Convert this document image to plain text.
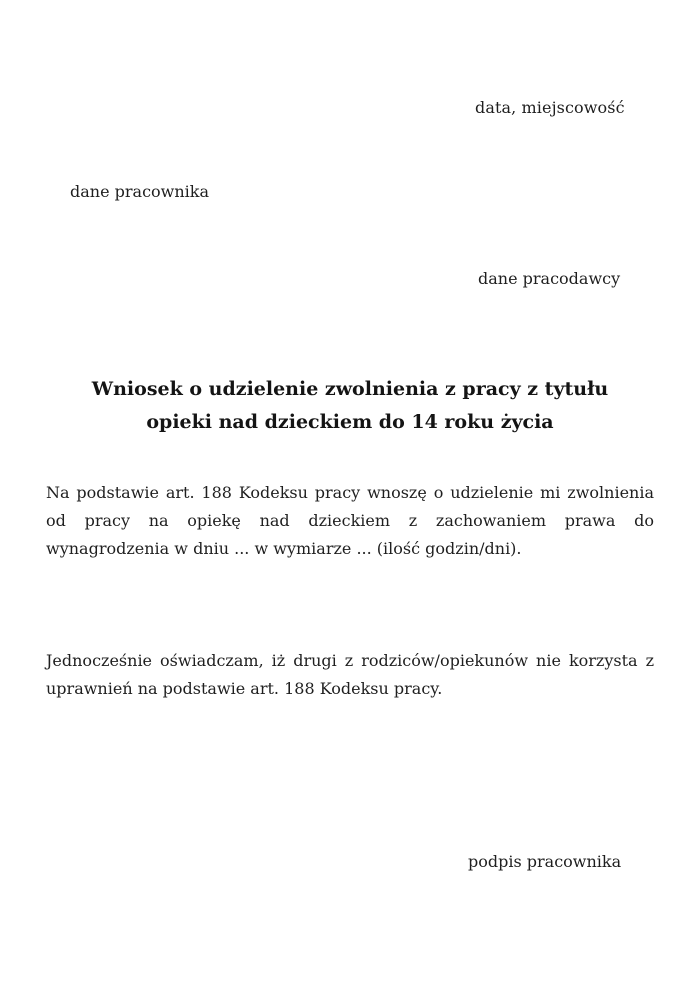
data, miejscowość
dane pracownika
dane pracodawcy
Wniosek o udzielenie zwolnienia z pracy z tytułu
opieki nad dzieckiem do 14 roku życia
Na podstawie art. 188 Kodeksu pracy wnoszę o udzielenie mi zwolnienia od pracy na opiekę nad dzieckiem z zachowaniem prawa do wynagrodzenia w dniu ... w wymiarze ... (ilość godzin/dni).
Jednocześnie oświadczam, iż drugi z rodziców/opiekunów nie korzysta z uprawnień na podstawie art. 188 Kodeksu pracy.
podpis pracownika
